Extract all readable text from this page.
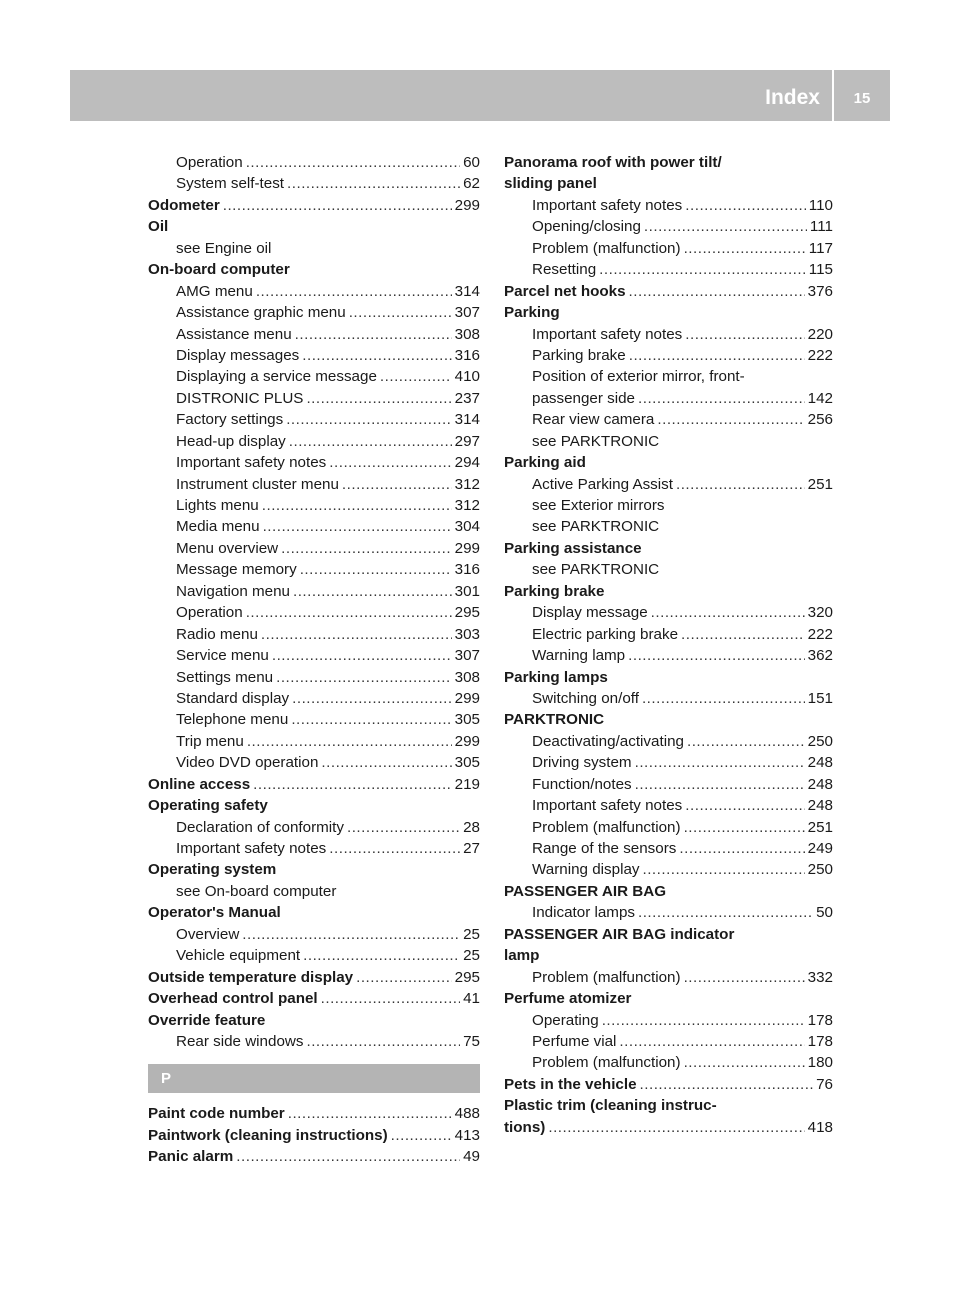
Index	15
Operation .....	60
System self-test .....	62
Odometer .....	299
Oil
see Engine oil
On-board computer
AMG menu .....	314
Assistance graphic menu .....	307
Assistance menu .....	308
Display messages .....	316
Displaying a service message .....	410
DISTRONIC PLUS .....	237
Factory settings .....	314
Head-up display .....	297
Important safety notes .....	294
Instrument cluster menu .....	312
Lights menu .....	312
Media menu .....	304
Menu overview .....	299
Message memory .....	316
Navigation menu .....	301
Operation .....	295
Radio menu .....	303
Service menu .....	307
Settings menu .....	308
Standard display .....	299
Telephone menu .....	305
Trip menu .....	299
Video DVD operation .....	305
Online access .....	219
Operating safety
Declaration of conformity .....	28
Important safety notes .....	27
Operating system
see On-board computer
Operator's Manual
Overview .....	25
Vehicle equipment .....	25
Outside temperature display .....	295
Overhead control panel .....	41
Override feature
Rear side windows .....	75
P
Paint code number .....	488
Paintwork (cleaning instructions) .....	413
Panic alarm .....	49
Panorama roof with power tilt/
sliding panel
Important safety notes .....	110
Opening/closing .....	111
Problem (malfunction) .....	117
Resetting .....	115
Parcel net hooks .....	376
Parking
Important safety notes .....	220
Parking brake .....	222
Position of exterior mirror, front-
passenger side .....	142
Rear view camera .....	256
see PARKTRONIC
Parking aid
Active Parking Assist .....	251
see Exterior mirrors
see PARKTRONIC
Parking assistance
see PARKTRONIC
Parking brake
Display message .....	320
Electric parking brake .....	222
Warning lamp .....	362
Parking lamps
Switching on/off .....	151
PARKTRONIC
Deactivating/activating .....	250
Driving system .....	248
Function/notes .....	248
Important safety notes .....	248
Problem (malfunction) .....	251
Range of the sensors .....	249
Warning display .....	250
PASSENGER AIR BAG
Indicator lamps .....	50
PASSENGER AIR BAG indicator
lamp
Problem (malfunction) .....	332
Perfume atomizer
Operating .....	178
Perfume vial .....	178
Problem (malfunction) .....	180
Pets in the vehicle .....	76
Plastic trim (cleaning instruc-
tions) .....	418
